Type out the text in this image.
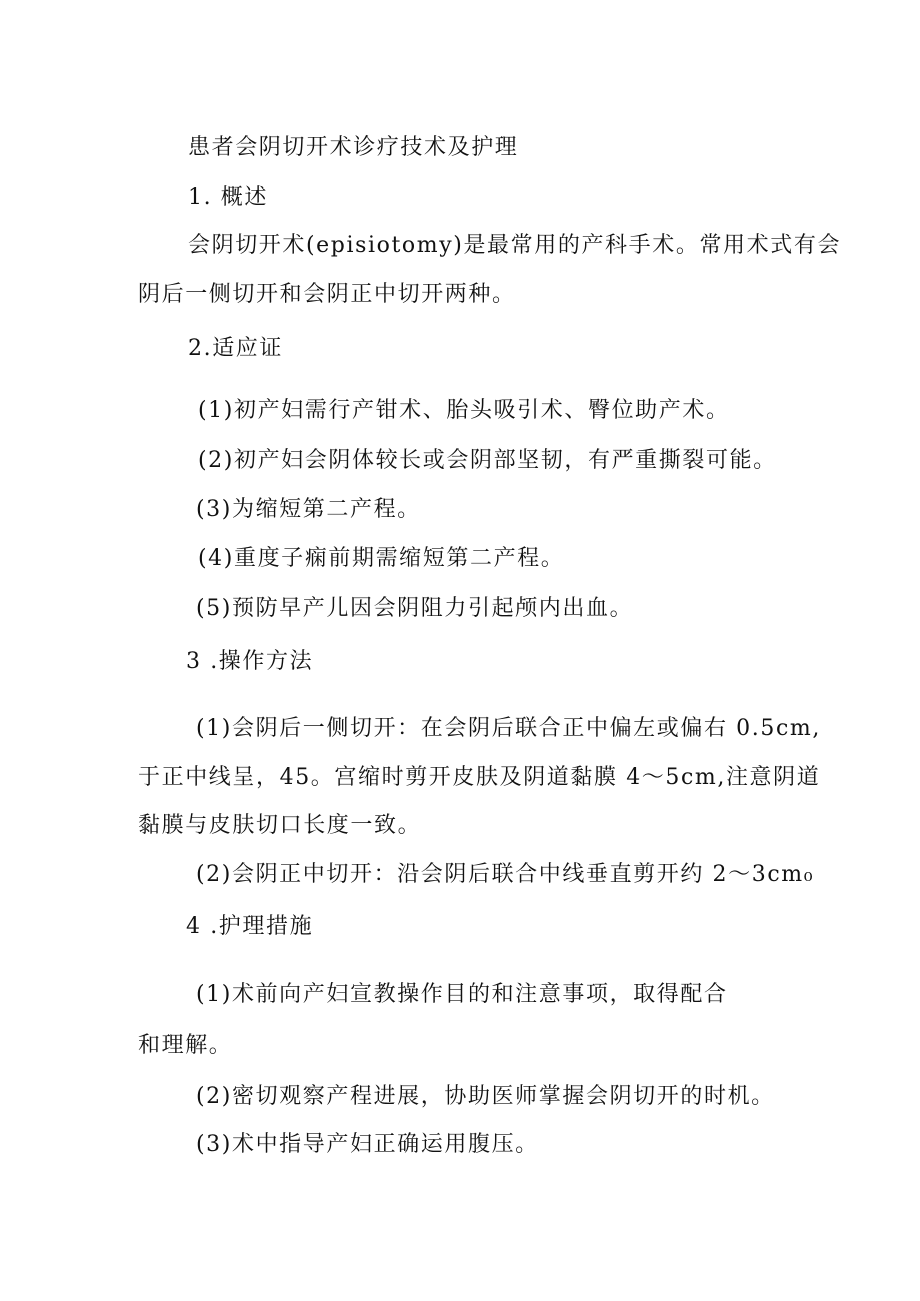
患者会阴切开术诊疗技术及护理
1. 概述
会阴切开术(episiotomy)是最常用的产科手术。常用术式有会
阴后一侧切开和会阴正中切开两种。
2.适应证
(1)初产妇需行产钳术、胎头吸引术、臀位助产术。
(2)初产妇会阴体较长或会阴部坚韧，有严重撕裂可能。
(3)为缩短第二产程。
(4)重度子痫前期需缩短第二产程。
(5)预防早产儿因会阴阻力引起颅内出血。
3 .操作方法
(1)会阴后一侧切开：在会阴后联合正中偏左或偏右 0.5cm,
于正中线呈，45。宫缩时剪开皮肤及阴道黏膜 4～5cm,注意阴道
黏膜与皮肤切口长度一致。
(2)会阴正中切开：沿会阴后联合中线垂直剪开约 2～3cm₀
4 .护理措施
(1)术前向产妇宣教操作目的和注意事项，取得配合
和理解。
(2)密切观察产程进展，协助医师掌握会阴切开的时机。
(3)术中指导产妇正确运用腹压。
